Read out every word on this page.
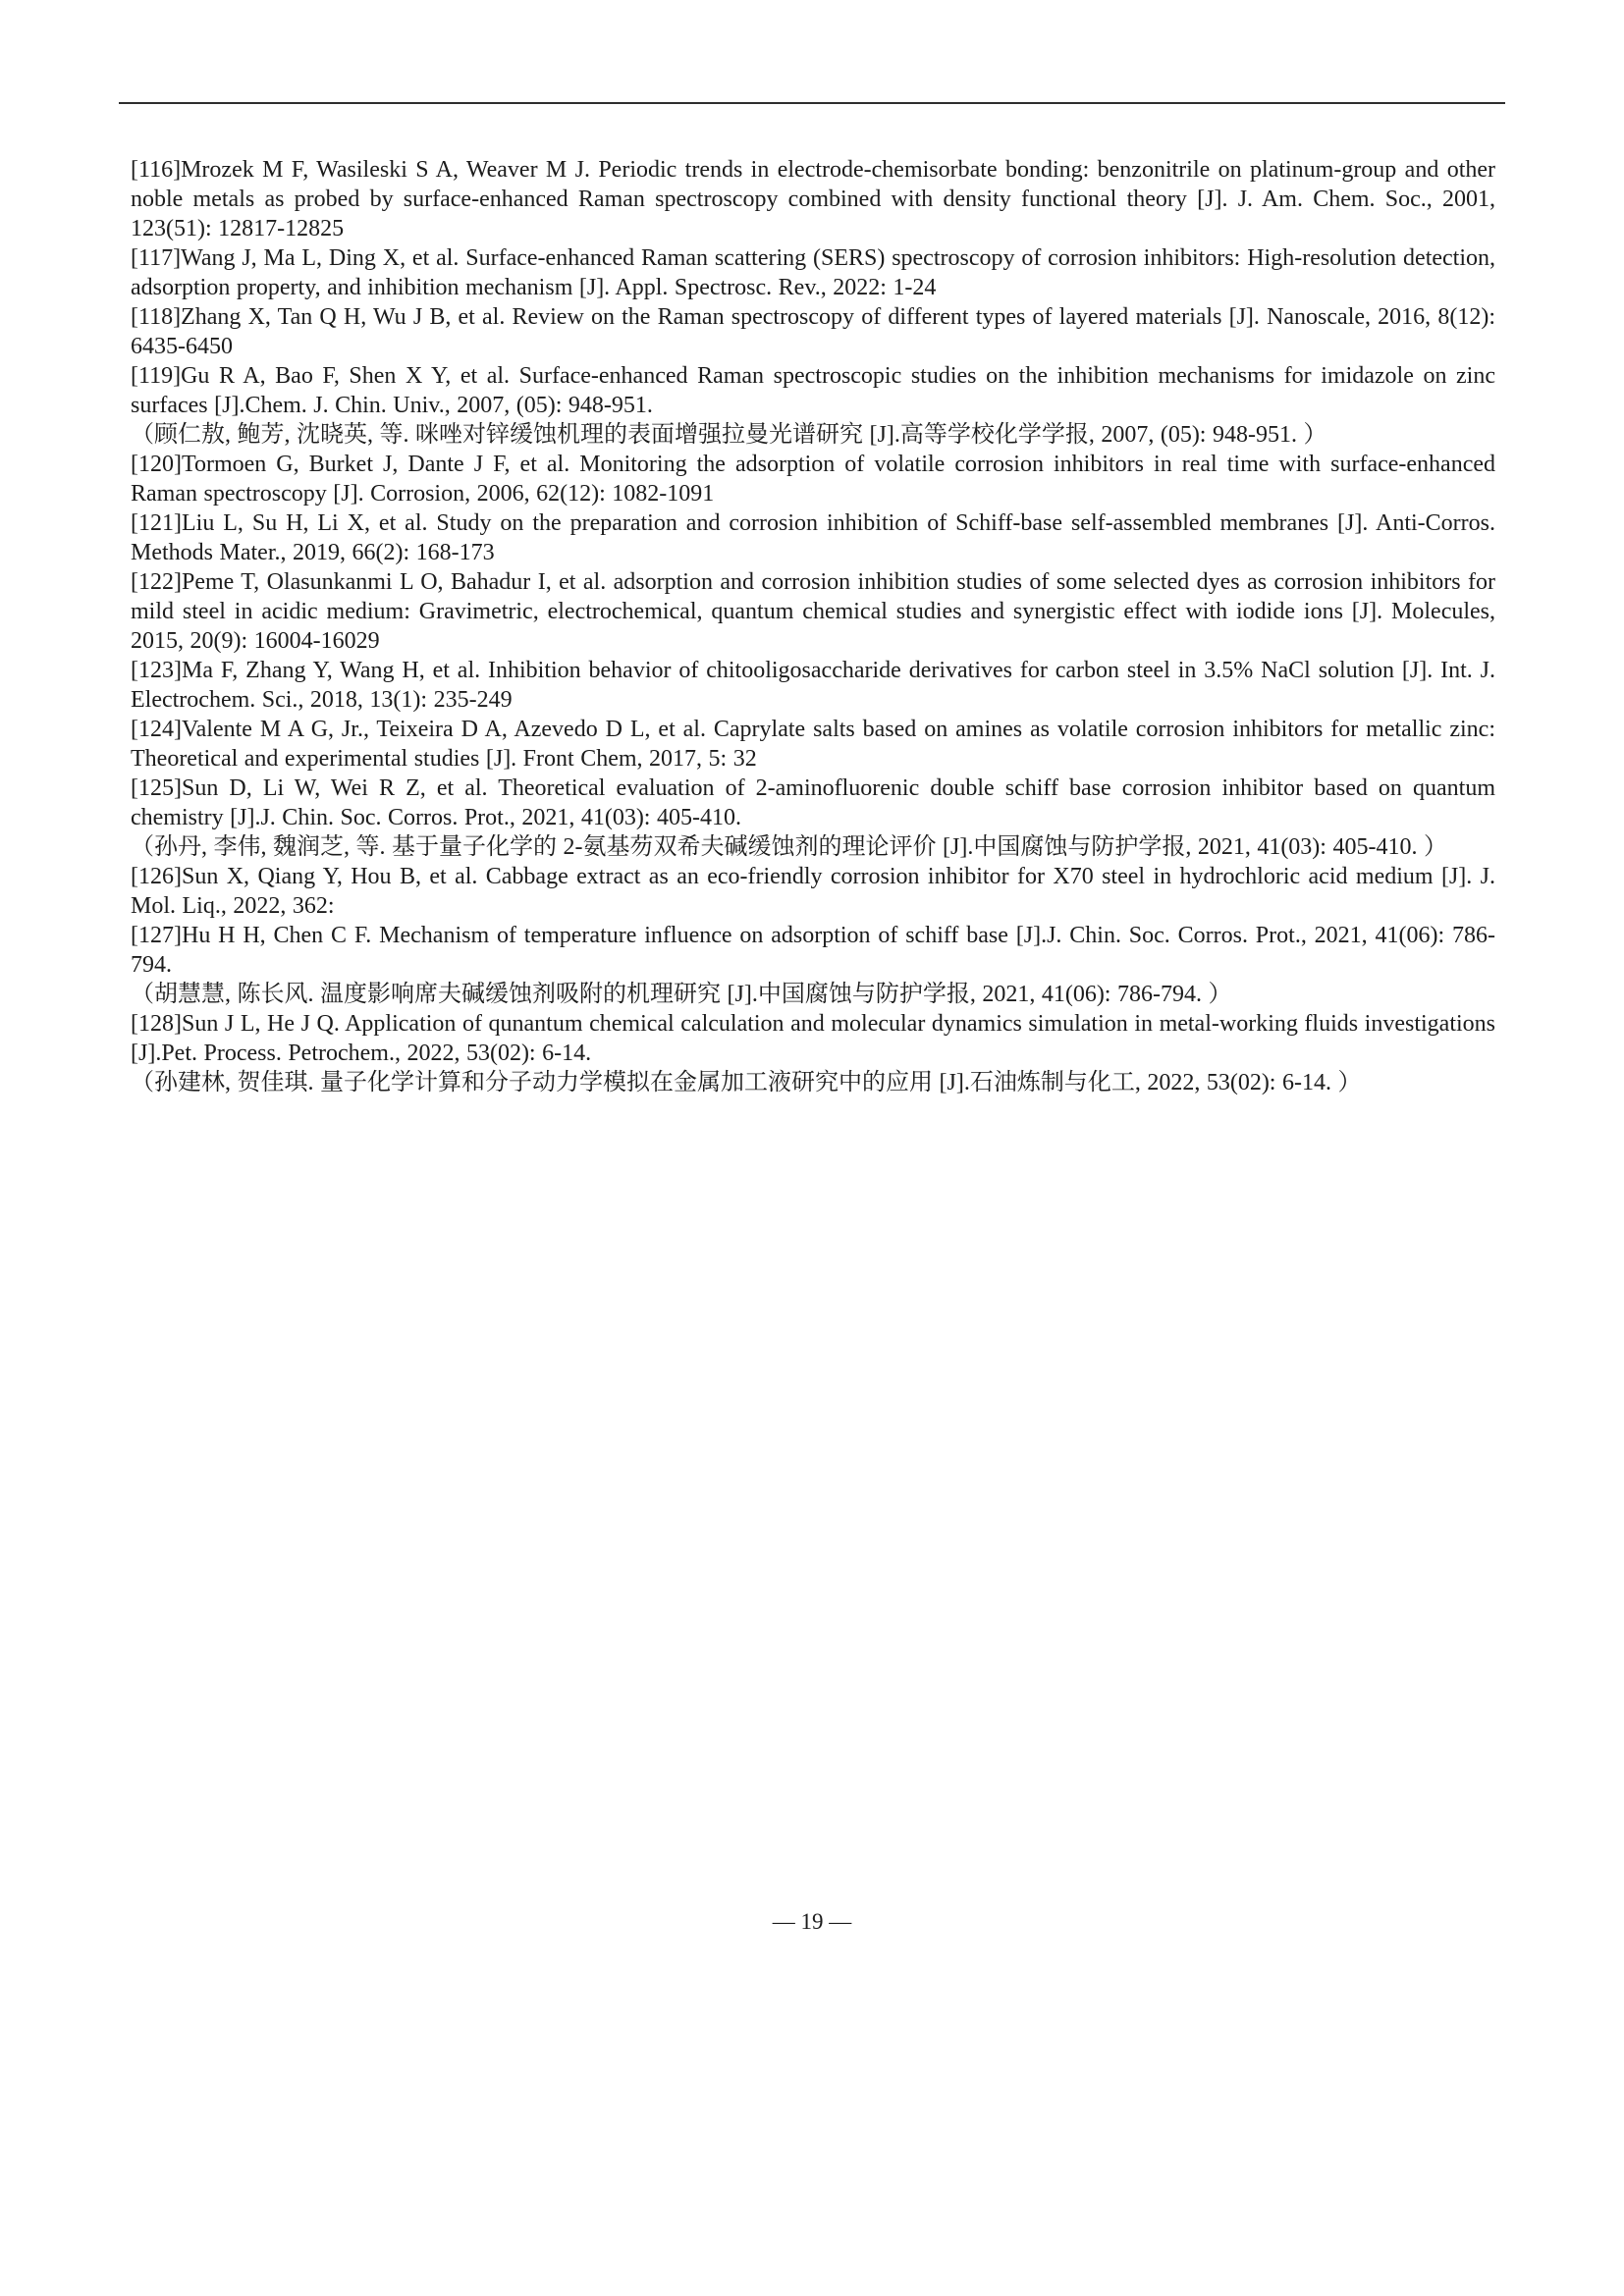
[116]Mrozek M F, Wasileski S A, Weaver M J. Periodic trends in electrode-chemisorbate bonding: benzonitrile on platinum-group and other noble metals as probed by surface-enhanced Raman spectroscopy combined with density functional theory [J]. J. Am. Chem. Soc., 2001, 123(51): 12817-12825

[117]Wang J, Ma L, Ding X, et al. Surface-enhanced Raman scattering (SERS) spectroscopy of corrosion inhibitors: High-resolution detection, adsorption property, and inhibition mechanism [J]. Appl. Spectrosc. Rev., 2022: 1-24

[118]Zhang X, Tan Q H, Wu J B, et al. Review on the Raman spectroscopy of different types of layered materials [J]. Nanoscale, 2016, 8(12): 6435-6450

[119]Gu R A, Bao F, Shen X Y, et al. Surface-enhanced Raman spectroscopic studies on the inhibition mechanisms for imidazole on zinc surfaces [J].Chem. J. Chin. Univ., 2007, (05): 948-951.

（顾仁敖, 鲍芳, 沈晓英, 等. 咪唑对锌缓蚀机理的表面增强拉曼光谱研究 [J].高等学校化学学报, 2007, (05): 948-951. ）

[120]Tormoen G, Burket J, Dante J F, et al. Monitoring the adsorption of volatile corrosion inhibitors in real time with surface-enhanced Raman spectroscopy [J]. Corrosion, 2006, 62(12): 1082-1091

[121]Liu L, Su H, Li X, et al. Study on the preparation and corrosion inhibition of Schiff-base self-assembled membranes [J]. Anti-Corros. Methods Mater., 2019, 66(2): 168-173

[122]Peme T, Olasunkanmi L O, Bahadur I, et al. adsorption and corrosion inhibition studies of some selected dyes as corrosion inhibitors for mild steel in acidic medium: Gravimetric, electrochemical, quantum chemical studies and synergistic effect with iodide ions [J]. Molecules, 2015, 20(9): 16004-16029

[123]Ma F, Zhang Y, Wang H, et al. Inhibition behavior of chitooligosaccharide derivatives for carbon steel in 3.5% NaCl solution [J]. Int. J. Electrochem. Sci., 2018, 13(1): 235-249

[124]Valente M A G, Jr., Teixeira D A, Azevedo D L, et al. Caprylate salts based on amines as volatile corrosion inhibitors for metallic zinc: Theoretical and experimental studies [J]. Front Chem, 2017, 5: 32

[125]Sun D, Li W, Wei R Z, et al. Theoretical evaluation of 2-aminofluorenic double schiff base corrosion inhibitor based on quantum chemistry [J].J. Chin. Soc. Corros. Prot., 2021, 41(03): 405-410.

（孙丹, 李伟, 魏润芝, 等. 基于量子化学的 2-氨基芴双希夫碱缓蚀剂的理论评价 [J].中国腐蚀与防护学报, 2021, 41(03): 405-410. ）

[126]Sun X, Qiang Y, Hou B, et al. Cabbage extract as an eco-friendly corrosion inhibitor for X70 steel in hydrochloric acid medium [J]. J. Mol. Liq., 2022, 362:

[127]Hu H H, Chen C F. Mechanism of temperature influence on adsorption of schiff base [J].J. Chin. Soc. Corros. Prot., 2021, 41(06): 786-794.

（胡慧慧, 陈长风. 温度影响席夫碱缓蚀剂吸附的机理研究 [J].中国腐蚀与防护学报, 2021, 41(06): 786-794. ）

[128]Sun J L, He J Q. Application of qunantum chemical calculation and molecular dynamics simulation in metal-working fluids investigations [J].Pet. Process. Petrochem., 2022, 53(02): 6-14.

（孙建林, 贺佳琪. 量子化学计算和分子动力学模拟在金属加工液研究中的应用 [J].石油炼制与化工, 2022, 53(02): 6-14. ）

— 19 —
